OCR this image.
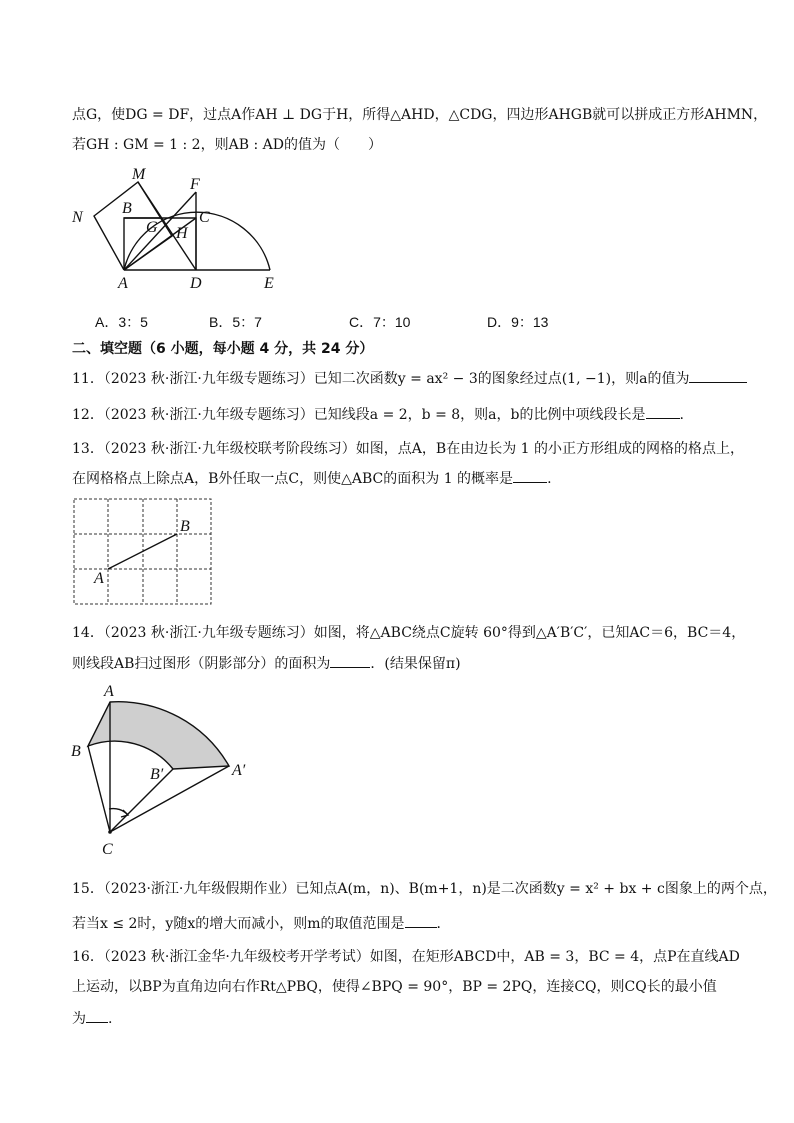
点G，使DG = DF，过点A作AH ⊥ DG于H，所得△AHD，△CDG，四边形AHGB就可以拼成正方形AHMN，
若GH : GM = 1 : 2，则AB : AD的值为（　　）
M
F
N
B
C
G H
A	D	E
A．3：5	B．5：7	C．7：10	D．9：13
二、填空题（6 小题，每小题 4 分，共 24 分）
11．（2023 秋·浙江·九年级专题练习）已知二次函数y = ax² − 3的图象经过点(1, −1)，则a的值为
12．（2023 秋·浙江·九年级专题练习）已知线段a = 2，b = 8，则a，b的比例中项线段长是 .
13．（2023 秋·浙江·九年级校联考阶段练习）如图，点A，B在由边长为 1 的小正方形组成的网格的格点上，
在网格格点上除点A，B外任取一点C，则使△ABC的面积为 1 的概率是 .
B
A
14．（2023 秋·浙江·九年级专题练习）如图，将△ABC绕点C旋转 60°得到△A′B′C′，已知AC＝6，BC＝4，
则线段AB扫过图形（阴影部分）的面积为	．(结果保留π)
A
B
B′	A′
C
15．（2023·浙江·九年级假期作业）已知点A(m，n)、B(m+1，n)是二次函数y = x² + bx + c图象上的两个点，
若当x ≤ 2时，y随x的增大而减小，则m的取值范围是 ．
16．（2023 秋·浙江金华·九年级校考开学考试）如图，在矩形ABCD中，AB = 3，BC = 4，点P在直线AD
上运动，以BP为直角边向右作Rt△PBQ，使得∠BPQ = 90°，BP = 2PQ，连接CQ，则CQ长的最小值
为 .
